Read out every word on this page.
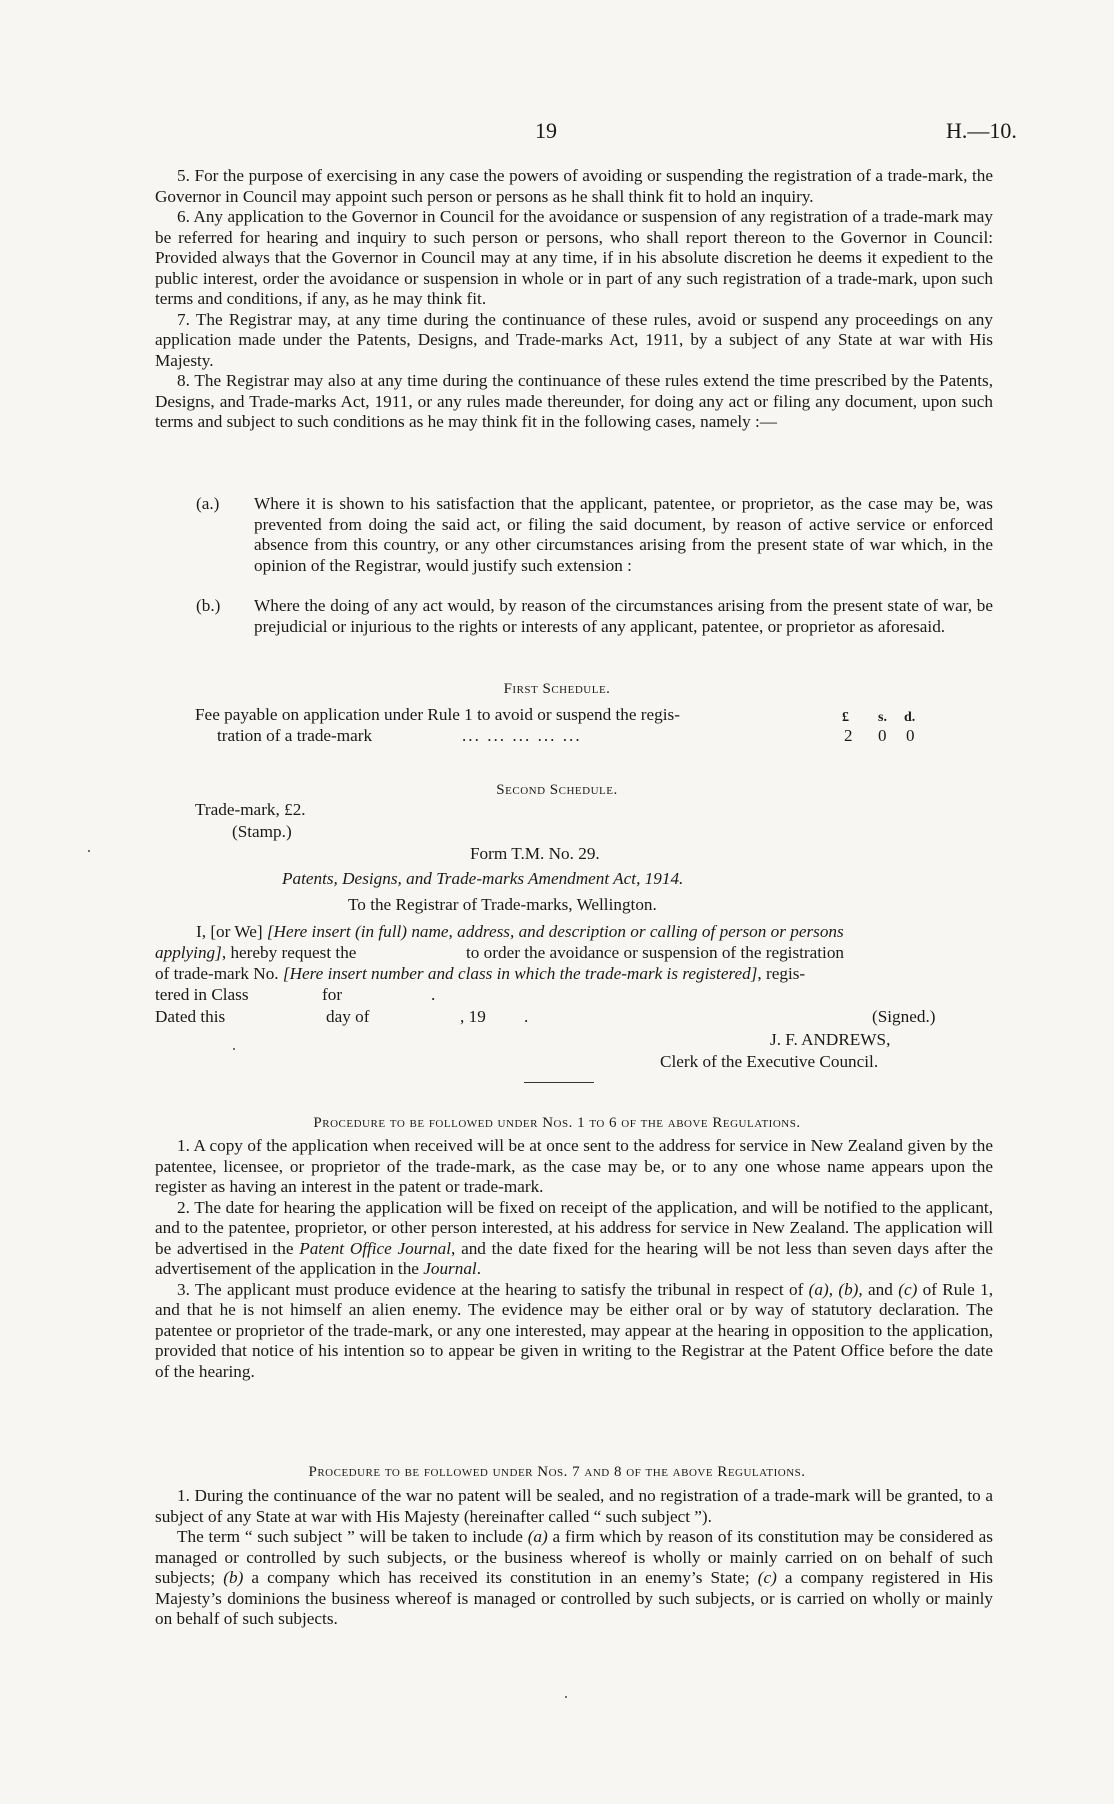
19	H.—10.

5. For the purpose of exercising in any case the powers of avoiding or suspending the registration of a trade-mark, the Governor in Council may appoint such person or persons as he shall think fit to hold an inquiry.

6. Any application to the Governor in Council for the avoidance or suspension of any registration of a trade-mark may be referred for hearing and inquiry to such person or persons, who shall report thereon to the Governor in Council: Provided always that the Governor in Council may at any time, if in his absolute discretion he deems it expedient to the public interest, order the avoidance or suspension in whole or in part of any such registration of a trade-mark, upon such terms and conditions, if any, as he may think fit.

7. The Registrar may, at any time during the continuance of these rules, avoid or suspend any proceedings on any application made under the Patents, Designs, and Trade-marks Act, 1911, by a subject of any State at war with His Majesty.

8. The Registrar may also at any time during the continuance of these rules extend the time prescribed by the Patents, Designs, and Trade-marks Act, 1911, or any rules made thereunder, for doing any act or filing any document, upon such terms and subject to such conditions as he may think fit in the following cases, namely :—

(a.) Where it is shown to his satisfaction that the applicant, patentee, or proprietor, as the case may be, was prevented from doing the said act, or filing the said document, by reason of active service or enforced absence from this country, or any other circumstances arising from the present state of war which, in the opinion of the Registrar, would justify such extension :
(b.) Where the doing of any act would, by reason of the circumstances arising from the present state of war, be prejudicial or injurious to the rights or interests of any applicant, patentee, or proprietor as aforesaid.
First Schedule.
Fee payable on application under Rule 1 to avoid or suspend the regis-
tration of a trade-mark	... ... ... ... ...
£ s. d.
2 0 0
Second Schedule.
Trade-mark, £2.
(Stamp.)
Form T.M. No. 29.
Patents, Designs, and Trade-marks Amendment Act, 1914.
To the Registrar of Trade-marks, Wellington.
I, [or We] [Here insert (in full) name, address, and description or calling of person or persons
applying], hereby request the	to order the avoidance or suspension of the registration
of trade-mark No. [Here insert number and class in which the trade-mark is registered], regis-
tered in Class	for	.
Dated this	day of	, 19 .	(Signed.)
J. F. ANDREWS,
Clerk of the Executive Council.
Procedure to be followed under Nos. 1 to 6 of the above Regulations.

1. A copy of the application when received will be at once sent to the address for service in New Zealand given by the patentee, licensee, or proprietor of the trade-mark, as the case may be, or to any one whose name appears upon the register as having an interest in the patent or trade-mark.

2. The date for hearing the application will be fixed on receipt of the application, and will be notified to the applicant, and to the patentee, proprietor, or other person interested, at his address for service in New Zealand. The application will be advertised in the Patent Office Journal, and the date fixed for the hearing will be not less than seven days after the advertisement of the application in the Journal.

3. The applicant must produce evidence at the hearing to satisfy the tribunal in respect of (a), (b), and (c) of Rule 1, and that he is not himself an alien enemy. The evidence may be either oral or by way of statutory declaration. The patentee or proprietor of the trade-mark, or any one interested, may appear at the hearing in opposition to the application, provided that notice of his intention so to appear be given in writing to the Registrar at the Patent Office before the date of the hearing.

Procedure to be followed under Nos. 7 and 8 of the above Regulations.

1. During the continuance of the war no patent will be sealed, and no registration of a trade-mark will be granted, to a subject of any State at war with His Majesty (hereinafter called “ such subject ”).

The term “ such subject ” will be taken to include (a) a firm which by reason of its constitution may be considered as managed or controlled by such subjects, or the business whereof is wholly or mainly carried on on behalf of such subjects; (b) a company which has received its constitution in an enemy’s State; (c) a company registered in His Majesty’s dominions the business whereof is managed or controlled by such subjects, or is carried on wholly or mainly on behalf of such subjects.
